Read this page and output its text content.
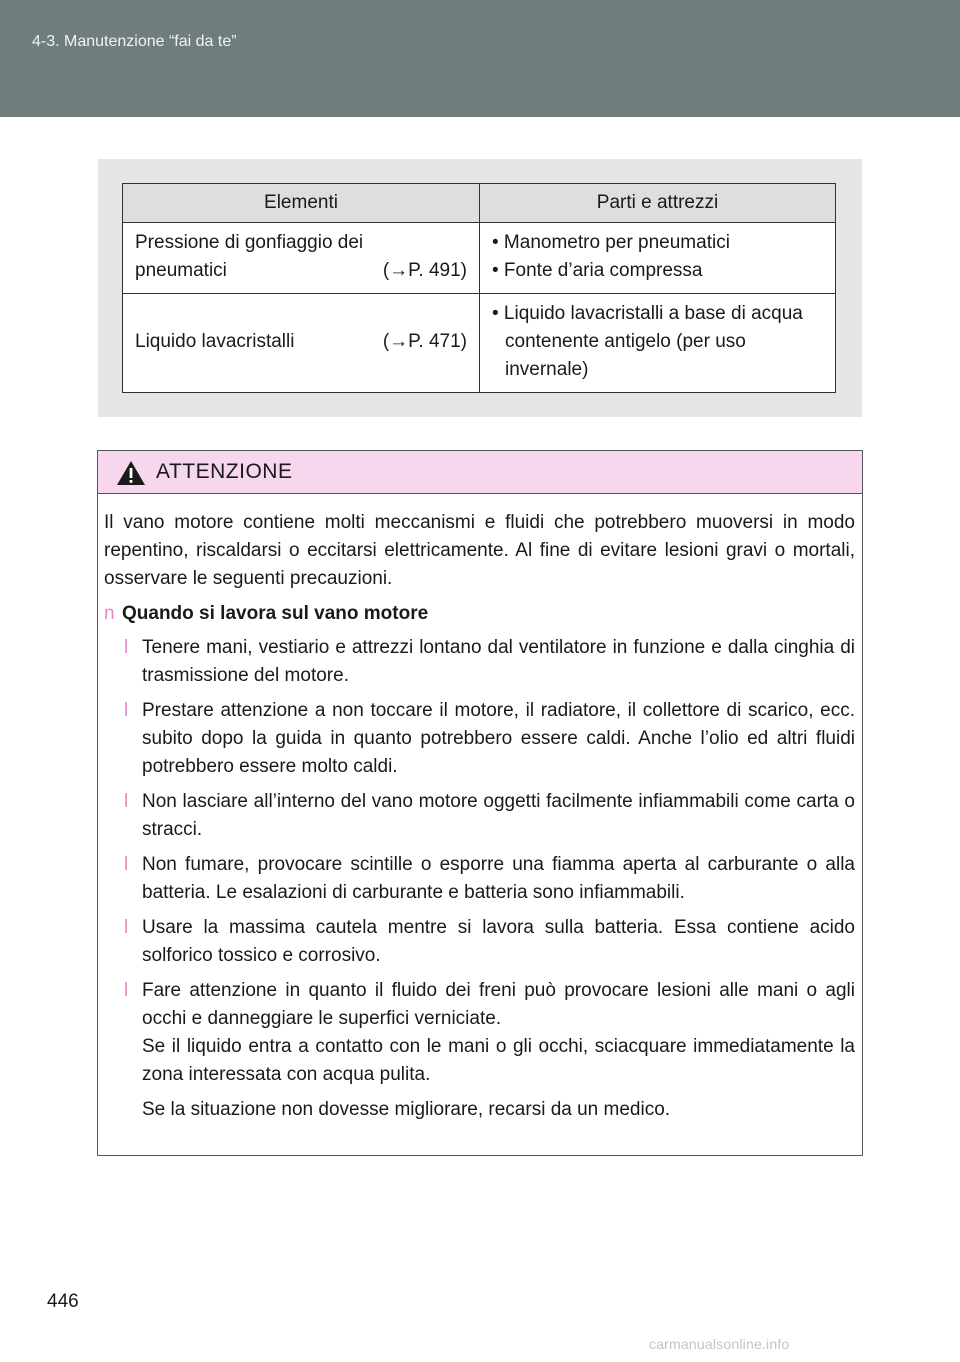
4-3. Manutenzione “fai da te”
Elementi	Parti e attrezzi

Pressione di gonfiaggio dei
pneumatici (→P. 491)	• Manometro per pneumatici
• Fonte d’aria compressa

Liquido lavacristalli (→P. 471)	• Liquido lavacristalli a base di acqua contenente antigelo (per uso invernale)
ATTENZIONE

Il vano motore contiene molti meccanismi e fluidi che potrebbero muoversi in modo repentino, riscaldarsi o eccitarsi elettricamente. Al fine di evitare lesioni gravi o mortali, osservare le seguenti precauzioni.

n Quando si lavora sul vano motore

l Tenere mani, vestiario e attrezzi lontano dal ventilatore in funzione e dalla cinghia di trasmissione del motore.

l Prestare attenzione a non toccare il motore, il radiatore, il collettore di scarico, ecc. subito dopo la guida in quanto potrebbero essere caldi. Anche l’olio ed altri fluidi potrebbero essere molto caldi.

l Non lasciare all’interno del vano motore oggetti facilmente infiammabili come carta o stracci.

l Non fumare, provocare scintille o esporre una fiamma aperta al carburante o alla batteria. Le esalazioni di carburante e batteria sono infiammabili.

l Usare la massima cautela mentre si lavora sulla batteria. Essa contiene acido solforico tossico e corrosivo.

l Fare attenzione in quanto il fluido dei freni può provocare lesioni alle mani o agli occhi e danneggiare le superfici verniciate.

Se il liquido entra a contatto con le mani o gli occhi, sciacquare immediatamente la zona interessata con acqua pulita.

Se la situazione non dovesse migliorare, recarsi da un medico.

446
carmanualsonline.info
